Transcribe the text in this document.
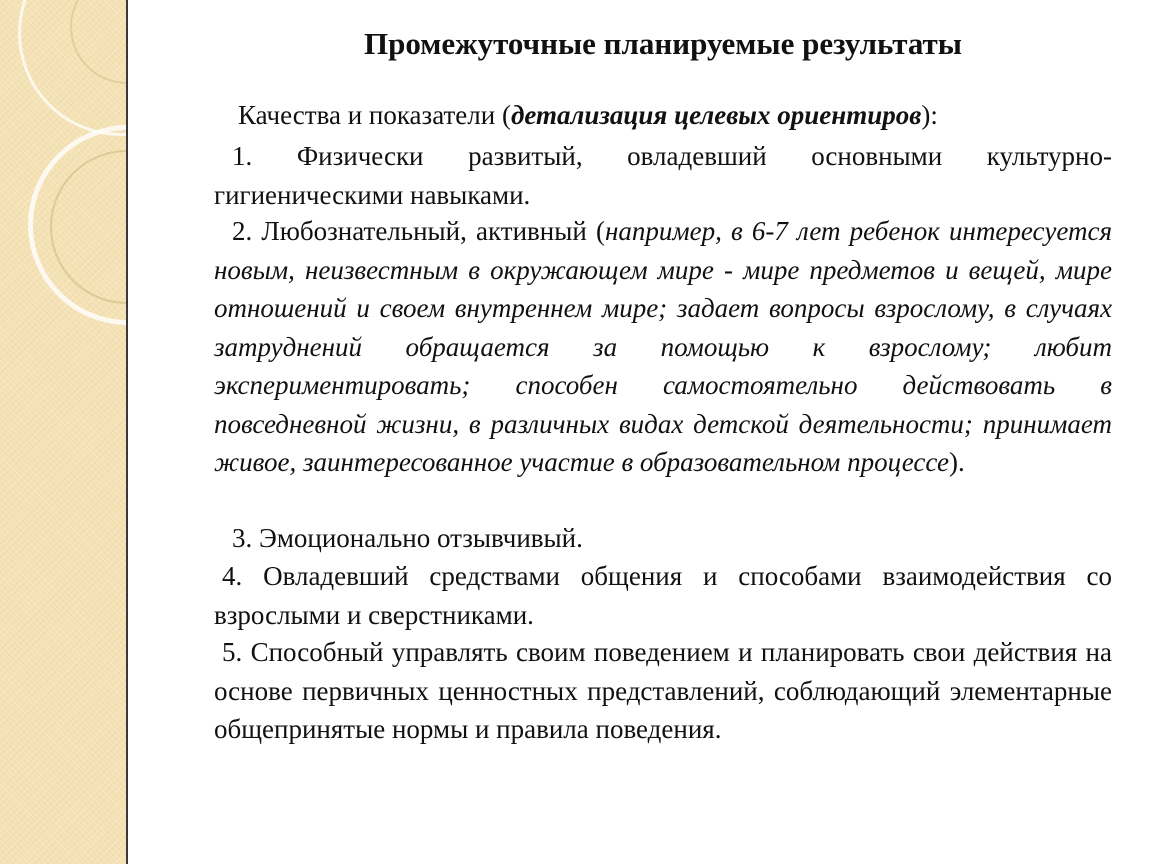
Промежуточные планируемые результаты
Качества и показатели (детализация целевых ориентиров):
1. Физически развитый, овладевший основными культурно-гигиеническими навыками.
2. Любознательный, активный (например, в 6-7 лет ребенок интересуется новым, неизвестным в окружающем мире - мире предметов и вещей, мире отношений и своем внутреннем мире; задает вопросы взрослому, в случаях затруднений обращается за помощью к взрослому; любит экспериментировать; способен самостоятельно действовать в повседневной жизни, в различных видах детской деятельности; принимает живое, заинтересованное участие в образовательном процессе).
3. Эмоционально отзывчивый.
4. Овладевший средствами общения и способами взаимодействия со взрослыми и сверстниками.
5. Способный управлять своим поведением и планировать свои действия на основе первичных ценностных представлений, соблюдающий элементарные общепринятые нормы и правила поведения.
